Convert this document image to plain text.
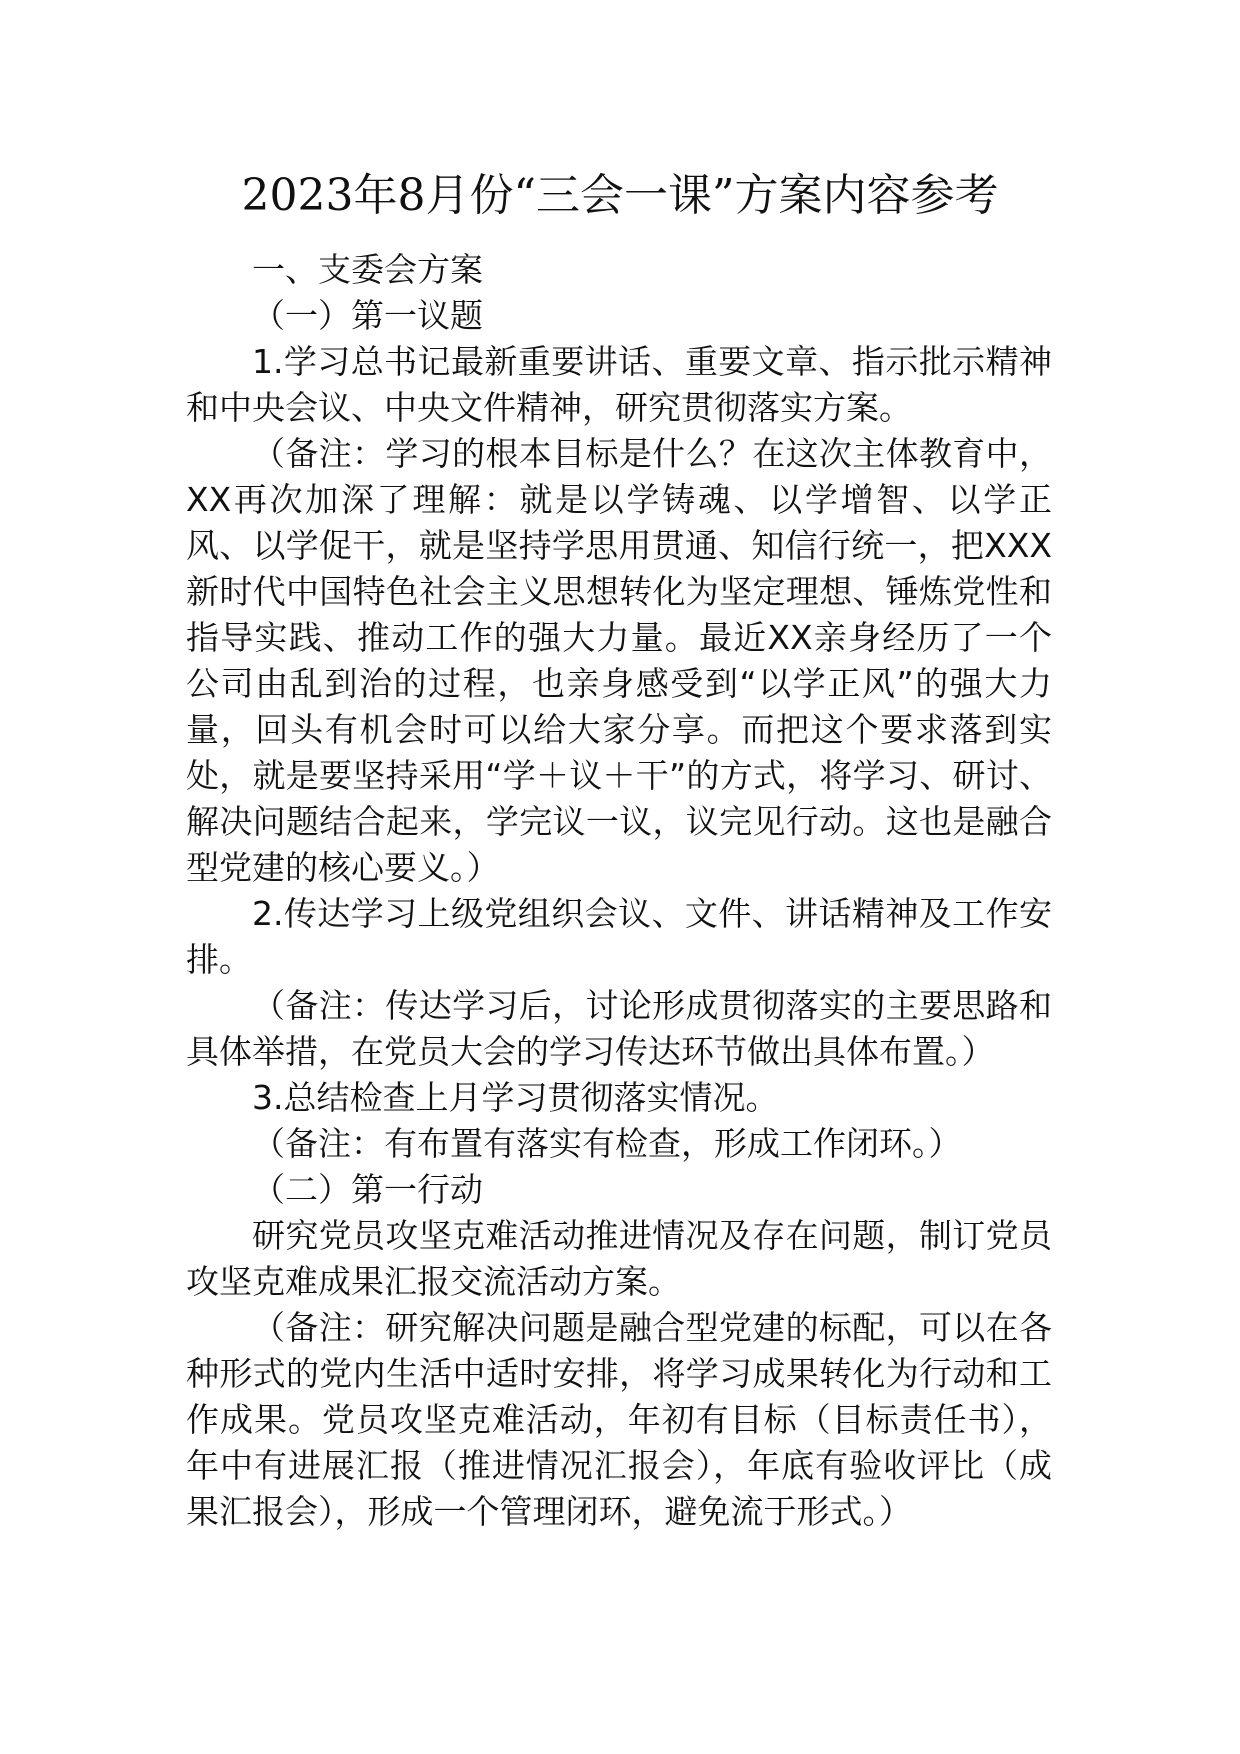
2023年8月份“三会一课”方案内容参考

一、支委会方案

（一）第一议题

1.学习总书记最新重要讲话、重要文章、指示批示精神和中央会议、中央文件精神，研究贯彻落实方案。

（备注：学习的根本目标是什么？在这次主体教育中，XX再次加深了理解：就是以学铸魂、以学增智、以学正风、以学促干，就是坚持学思用贯通、知信行统一，把XXX新时代中国特色社会主义思想转化为坚定理想、锤炼党性和指导实践、推动工作的强大力量。最近XX亲身经历了一个公司由乱到治的过程，也亲身感受到“以学正风”的强大力量，回头有机会时可以给大家分享。而把这个要求落到实处，就是要坚持采用“学＋议＋干”的方式，将学习、研讨、解决问题结合起来，学完议一议，议完见行动。这也是融合型党建的核心要义。）

2.传达学习上级党组织会议、文件、讲话精神及工作安排。

（备注：传达学习后，讨论形成贯彻落实的主要思路和具体举措，在党员大会的学习传达环节做出具体布置。）

3.总结检查上月学习贯彻落实情况。

（备注：有布置有落实有检查，形成工作闭环。）

（二）第一行动

研究党员攻坚克难活动推进情况及存在问题，制订党员攻坚克难成果汇报交流活动方案。

（备注：研究解决问题是融合型党建的标配，可以在各种形式的党内生活中适时安排，将学习成果转化为行动和工作成果。党员攻坚克难活动，年初有目标（目标责任书），年中有进展汇报（推进情况汇报会），年底有验收评比（成果汇报会），形成一个管理闭环，避免流于形式。）
